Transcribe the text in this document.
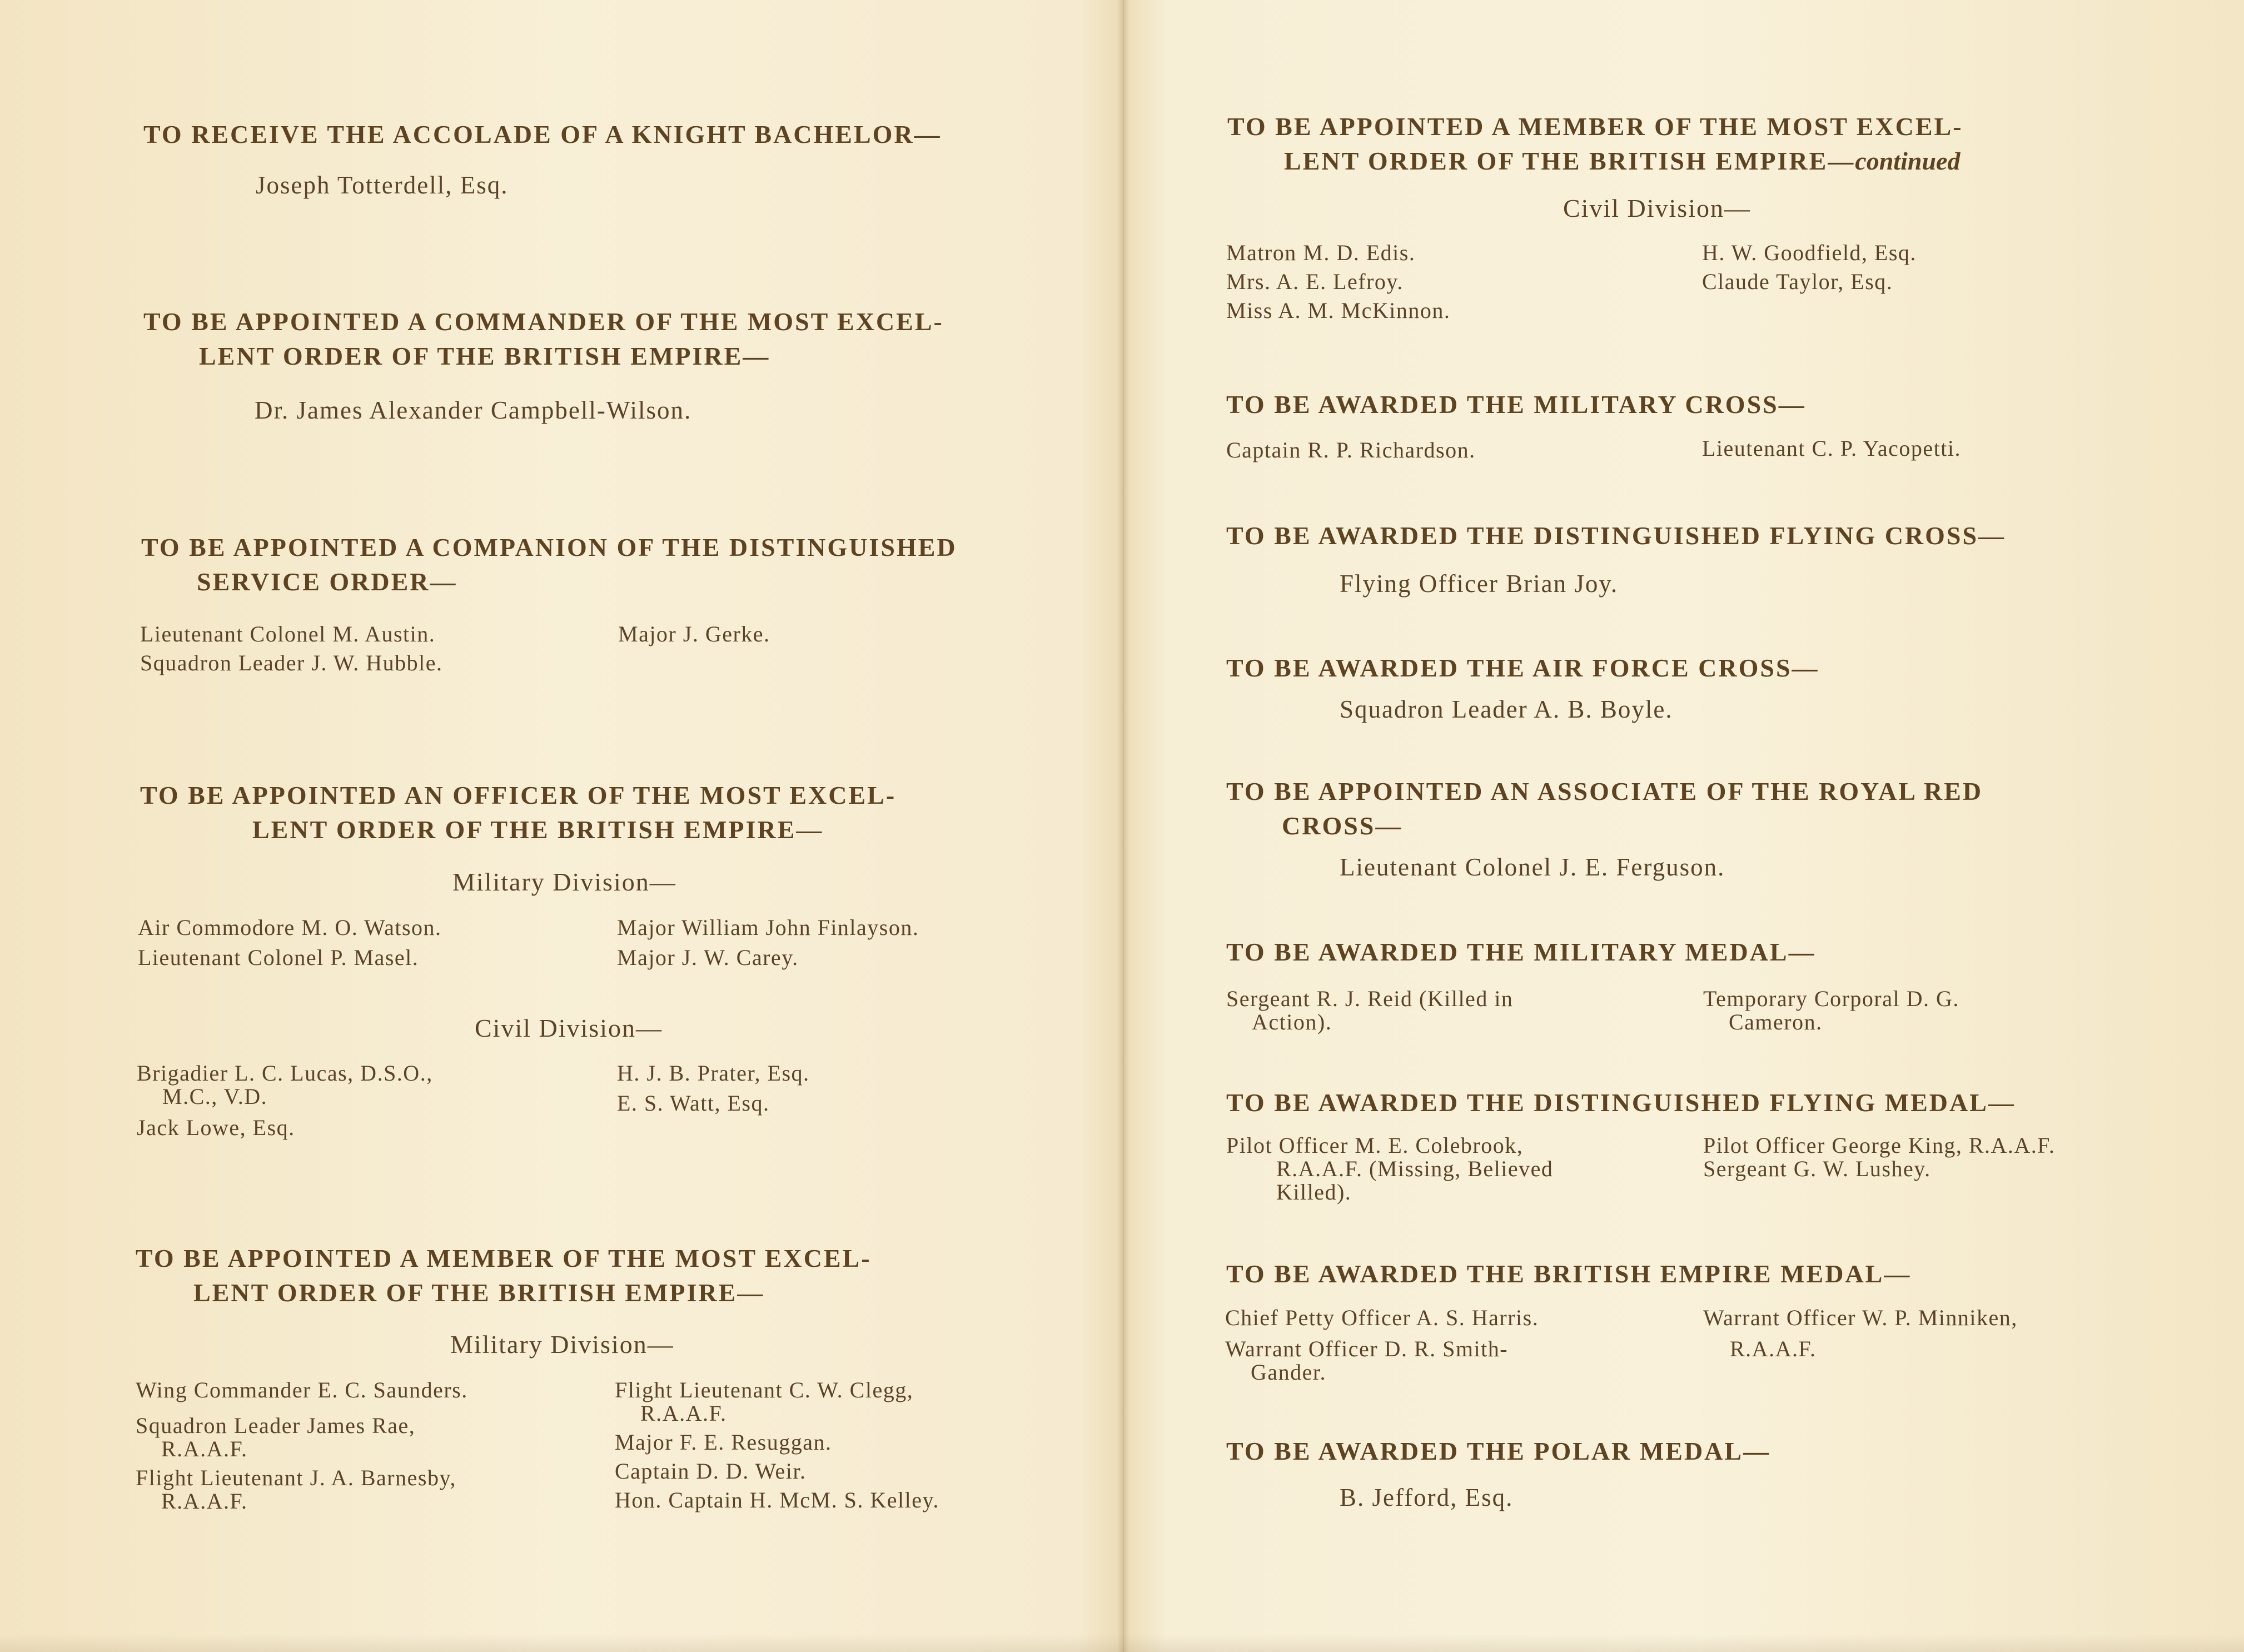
TO RECEIVE THE ACCOLADE OF A KNIGHT BACHELOR—
Joseph Totterdell, Esq.
TO BE APPOINTED A COMMANDER OF THE MOST EXCEL-
LENT ORDER OF THE BRITISH EMPIRE—
Dr. James Alexander Campbell-Wilson.
TO BE APPOINTED A COMPANION OF THE DISTINGUISHED
SERVICE ORDER—
Lieutenant Colonel M. Austin.
Squadron Leader J. W. Hubble.
Major J. Gerke.
TO BE APPOINTED AN OFFICER OF THE MOST EXCEL-
LENT ORDER OF THE BRITISH EMPIRE—
Military Division—
Air Commodore M. O. Watson.
Lieutenant Colonel P. Masel.
Major William John Finlayson.
Major J. W. Carey.
Civil Division—
Brigadier L. C. Lucas, D.S.O.,
M.C., V.D.
Jack Lowe, Esq.
H. J. B. Prater, Esq.
E. S. Watt, Esq.
TO BE APPOINTED A MEMBER OF THE MOST EXCEL-
LENT ORDER OF THE BRITISH EMPIRE—
Military Division—
Wing Commander E. C. Saunders.
Squadron Leader James Rae,
R.A.A.F.
Flight Lieutenant J. A. Barnesby,
R.A.A.F.
Flight Lieutenant C. W. Clegg,
R.A.A.F.
Major F. E. Resuggan.
Captain D. D. Weir.
Hon. Captain H. McM. S. Kelley.
TO BE APPOINTED A MEMBER OF THE MOST EXCEL-
LENT ORDER OF THE BRITISH EMPIRE—continued
Civil Division—
Matron M. D. Edis.
Mrs. A. E. Lefroy.
Miss A. M. McKinnon.
H. W. Goodfield, Esq.
Claude Taylor, Esq.
TO BE AWARDED THE MILITARY CROSS—
Captain R. P. Richardson.	Lieutenant C. P. Yacopetti.
TO BE AWARDED THE DISTINGUISHED FLYING CROSS—
Flying Officer Brian Joy.
TO BE AWARDED THE AIR FORCE CROSS—
Squadron Leader A. B. Boyle.
TO BE APPOINTED AN ASSOCIATE OF THE ROYAL RED
CROSS—
Lieutenant Colonel J. E. Ferguson.
TO BE AWARDED THE MILITARY MEDAL—
Sergeant R. J. Reid (Killed in
Action).
Temporary Corporal D. G.
Cameron.
TO BE AWARDED THE DISTINGUISHED FLYING MEDAL—
Pilot Officer M. E. Colebrook,
R.A.A.F. (Missing, Believed
Killed).
Pilot Officer George King, R.A.A.F.
Sergeant G. W. Lushey.
TO BE AWARDED THE BRITISH EMPIRE MEDAL—
Chief Petty Officer A. S. Harris.
Warrant Officer D. R. Smith-
Gander.
Warrant Officer W. P. Minniken,
R.A.A.F.
TO BE AWARDED THE POLAR MEDAL—
B. Jefford, Esq.
